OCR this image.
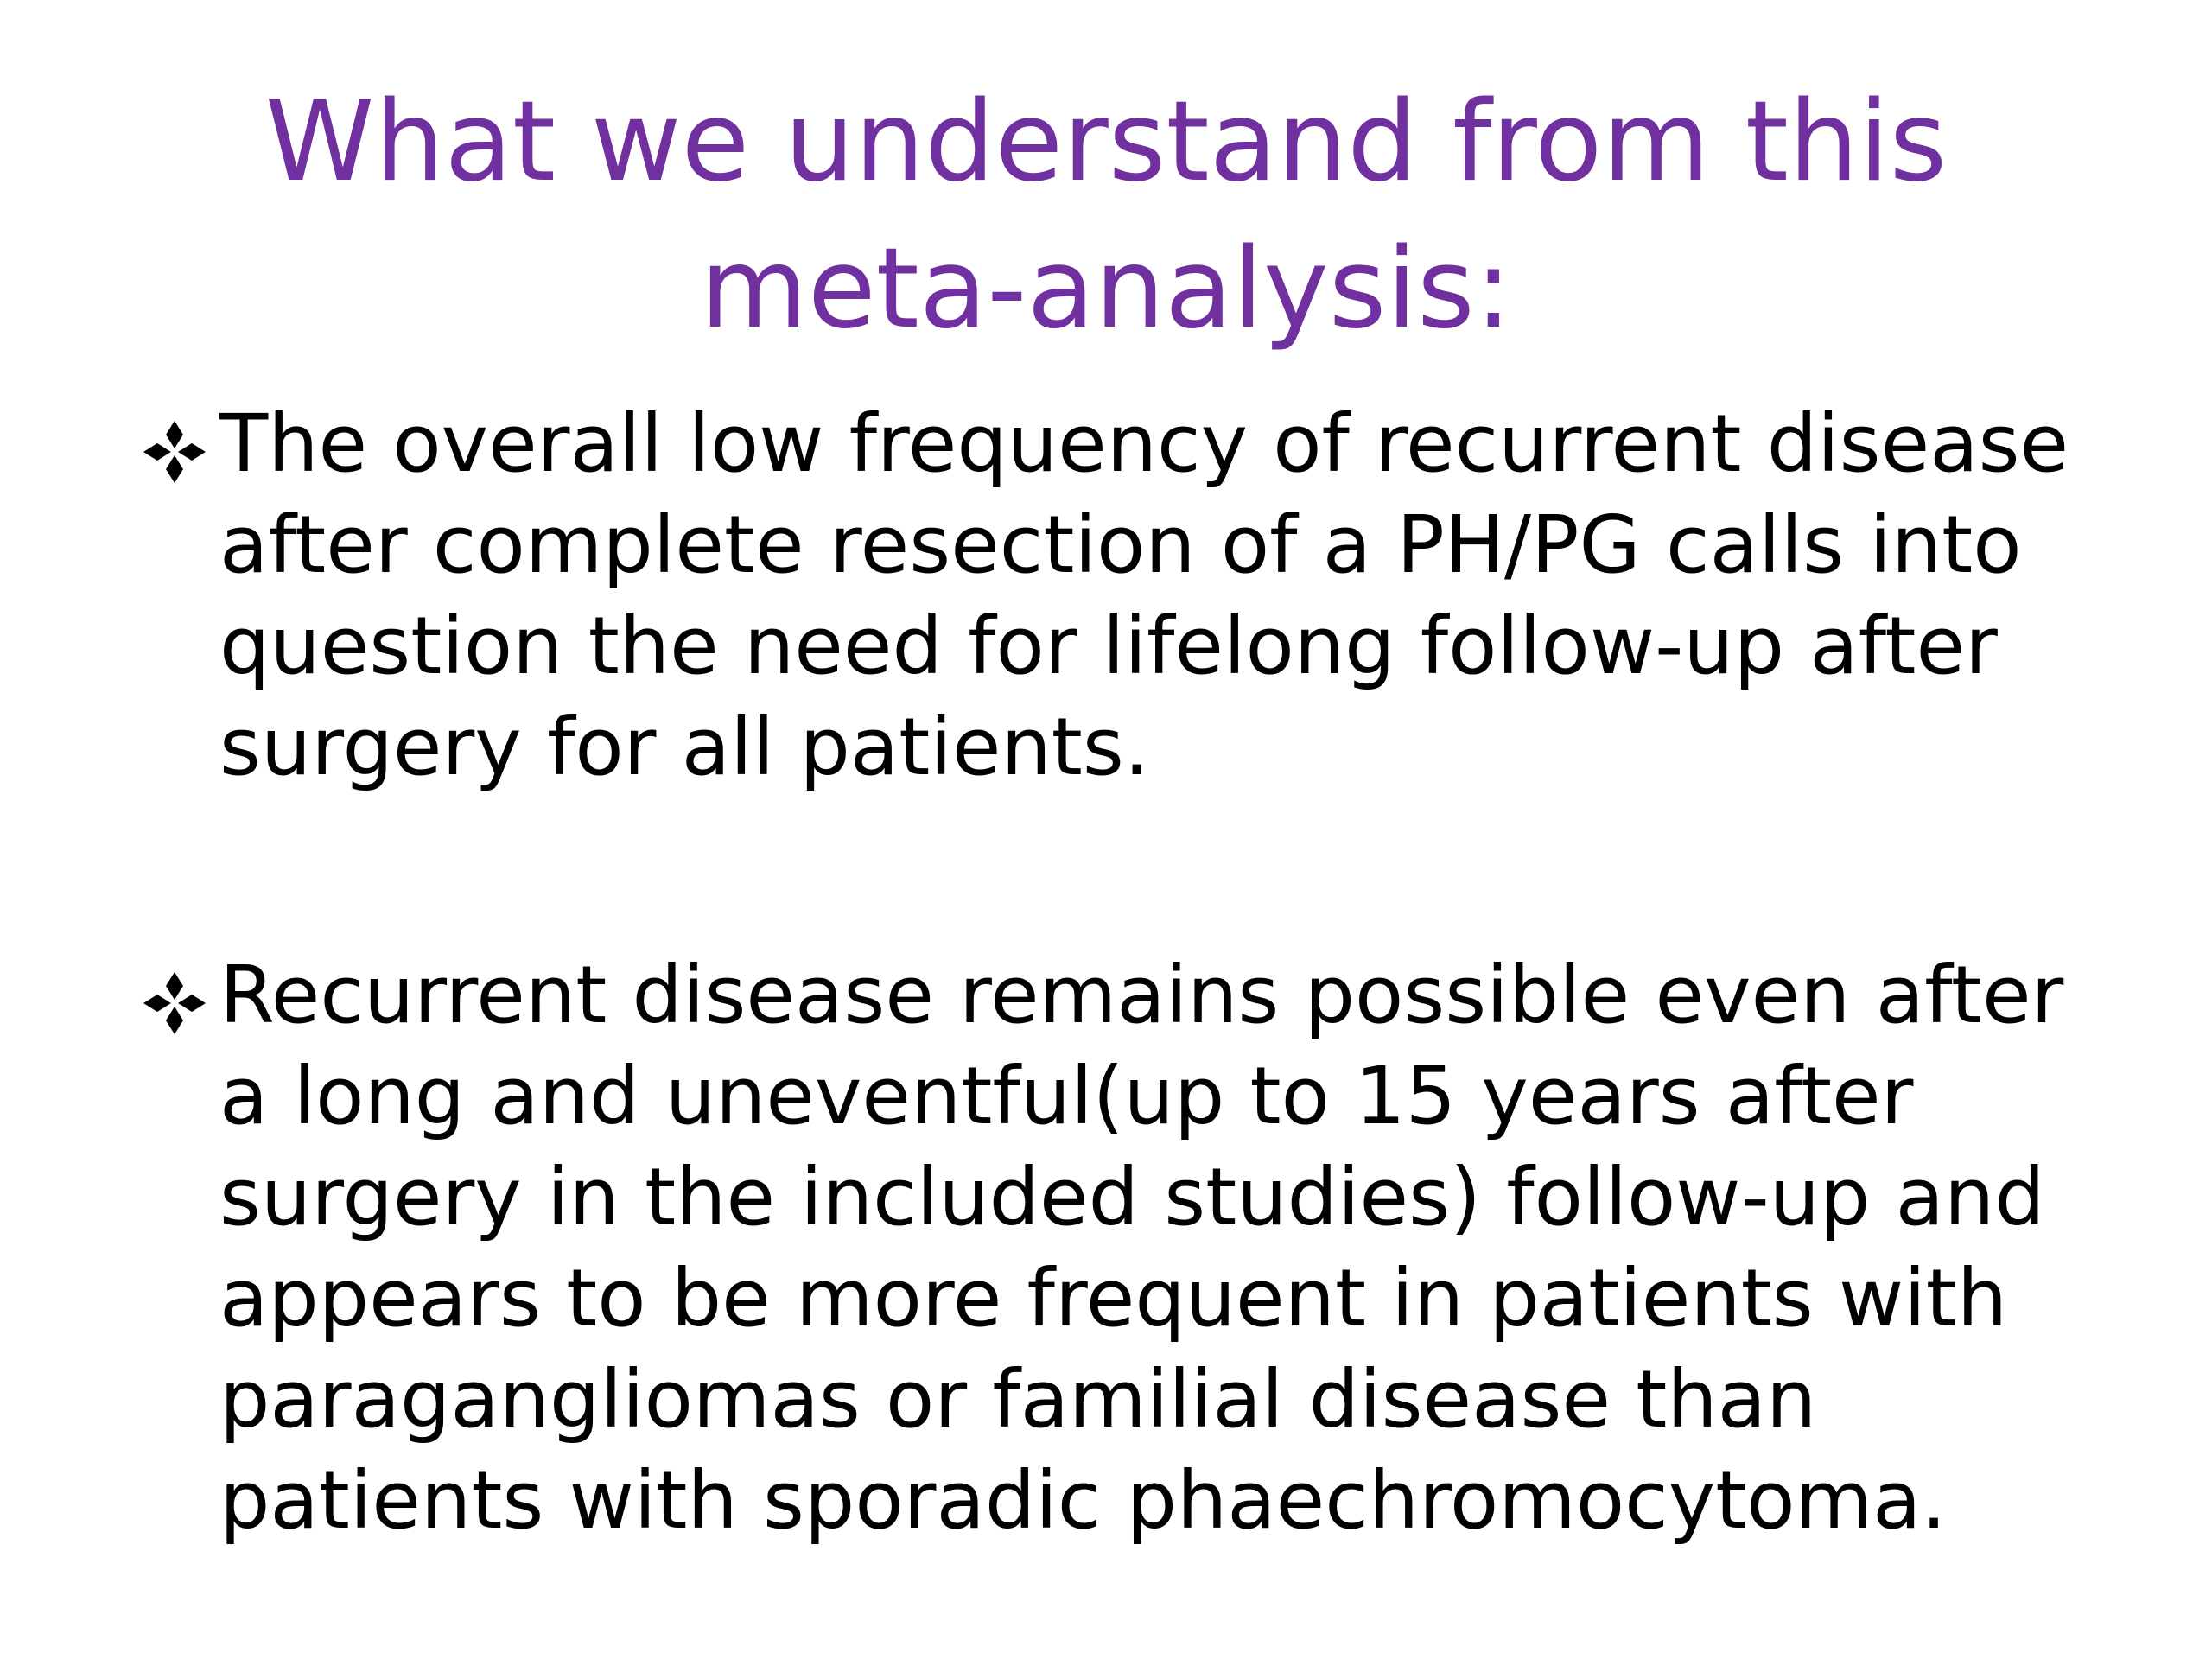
What we understand from this meta-analysis:
The overall low frequency of recurrent disease after complete resection of a PH/PG calls into question the need for lifelong follow-up after surgery for all patients.
Recurrent disease remains possible even after a long and uneventful(up to 15 years after surgery in the included studies) follow-up and appears to be more frequent in patients with paragangliomas or familial disease than patients with sporadic phaechromocytoma.
